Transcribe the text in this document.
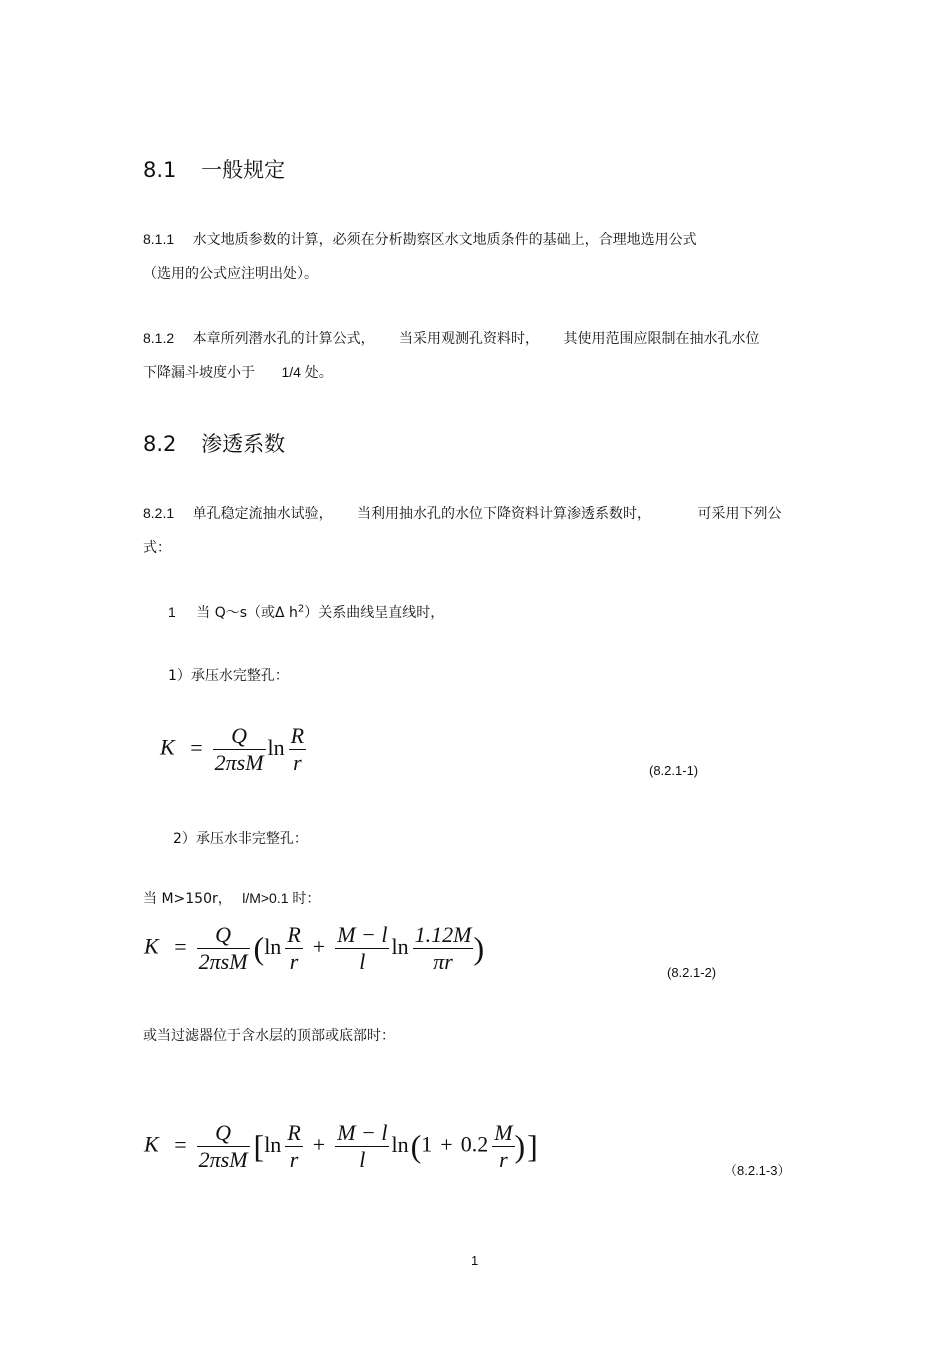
8.1 一般规定
8.1.1 水文地质参数的计算，必须在分析勘察区水文地质条件的基础上，合理地选用公式
（选用的公式应注明出处）。
8.1.2 本章所列潜水孔的计算公式， 当采用观测孔资料时， 其使用范围应限制在抽水孔水位
下降漏斗坡度小于 1/4 处。
8.2 渗透系数
8.2.1 单孔稳定流抽水试验， 当利用抽水孔的水位下降资料计算渗透系数时，	可采用下列公
式：
1 当 Q～s（或Δ $h^2$）关系曲线呈直线时，
1）承压水完整孔：
$K = \frac{Q}{\text{2πsM}}$ $\ln \frac{R}{r}$	(8.2.1-1)
2）承压水非完整孔：
当 M>150r， l/M>0.1 时：
$K = \frac{Q}{\text{2πsM}} (\ln \frac{R}{r} + \frac{M - l}{l}$ $\ln \frac{1.12M}{\pi r}$ )
(8.2.1-2)
或当过滤器位于含水层的顶部或底部时：
$K = \frac{Q}{\text{2πsM}} [\ln \frac{R}{r} + \frac{M - l}{l} \ln(1 + 0.2 \frac{M}{r}$ )]
（8.2.1-3）
1
